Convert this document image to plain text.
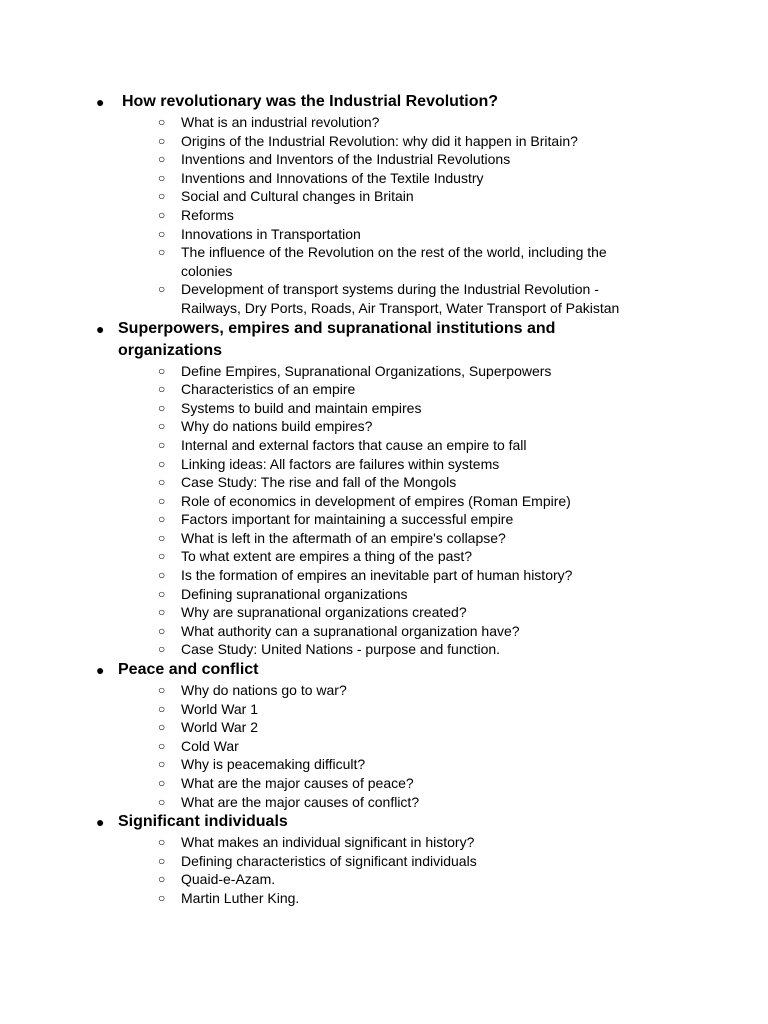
● How revolutionary was the Industrial Revolution?
○ What is an industrial revolution?
○ Origins of the Industrial Revolution: why did it happen in Britain?
○ Inventions and Inventors of the Industrial Revolutions
○ Inventions and Innovations of the Textile Industry
○ Social and Cultural changes in Britain
○ Reforms
○ Innovations in Transportation
○ The influence of the Revolution on the rest of the world, including the colonies
○ Development of transport systems during the Industrial Revolution - Railways, Dry Ports, Roads, Air Transport, Water Transport of Pakistan
● Superpowers, empires and supranational institutions and organizations
○ Define Empires, Supranational Organizations, Superpowers
○ Characteristics of an empire
○ Systems to build and maintain empires
○ Why do nations build empires?
○ Internal and external factors that cause an empire to fall
○ Linking ideas: All factors are failures within systems
○ Case Study: The rise and fall of the Mongols
○ Role of economics in development of empires (Roman Empire)
○ Factors important for maintaining a successful empire
○ What is left in the aftermath of an empire's collapse?
○ To what extent are empires a thing of the past?
○ Is the formation of empires an inevitable part of human history?
○ Defining supranational organizations
○ Why are supranational organizations created?
○ What authority can a supranational organization have?
○ Case Study: United Nations - purpose and function.
● Peace and conflict
○ Why do nations go to war?
○ World War 1
○ World War 2
○ Cold War
○ Why is peacemaking difficult?
○ What are the major causes of peace?
○ What are the major causes of conflict?
● Significant individuals
○ What makes an individual significant in history?
○ Defining characteristics of significant individuals
○ Quaid-e-Azam.
○ Martin Luther King.
